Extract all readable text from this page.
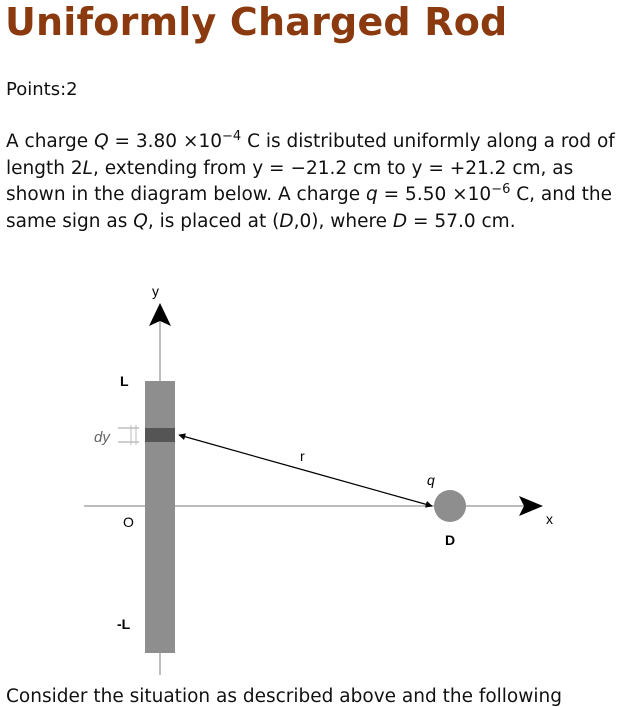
Uniformly Charged Rod
Points:2
A charge $Q = 3.80 \times 10^{-4}$ C is distributed uniformly along a rod of length 2L, extending from y = −21.2 cm to y = +21.2 cm, as shown in the diagram below. A charge $q = 5.50 \times 10^{-6}$ C, and the same sign as Q, is placed at (D,0), where D = 57.0 cm.
y
x
dy
L
-L
O
r
q
D
Consider the situation as described above and the following
